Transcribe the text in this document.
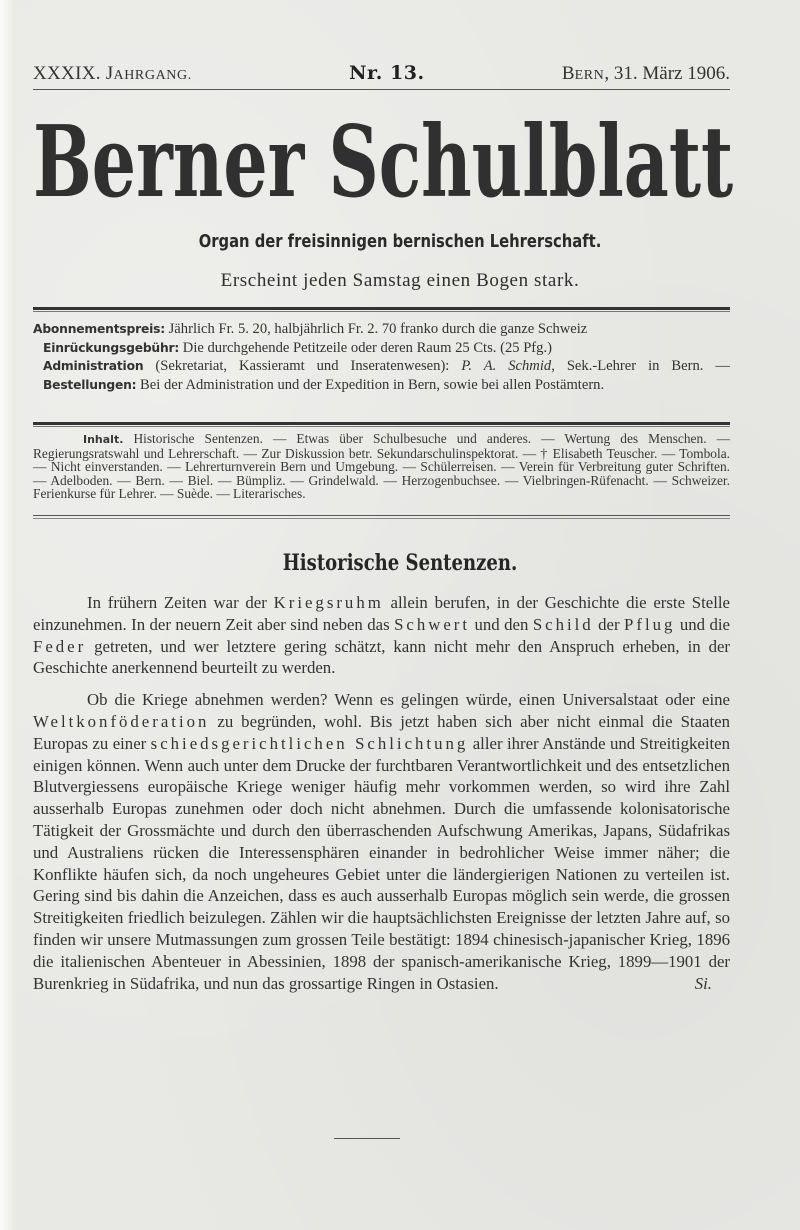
XXXIX. JAHRGANG.	Nr. 13.	BERN, 31. März 1906.
Berner Schulblatt
Organ der freisinnigen bernischen Lehrerschaft.
Erscheint jeden Samstag einen Bogen stark.
Abonnementspreis: Jährlich Fr. 5. 20, halbjährlich Fr. 2. 70 franko durch die ganze Schweiz
Einrückungsgebühr: Die durchgehende Petitzeile oder deren Raum 25 Cts. (25 Pfg.)
Administration (Sekretariat, Kassieramt und Inseratenwesen): P. A. Schmid, Sek.-Lehrer in Bern. — Bestellungen: Bei der Administration und der Expedition in Bern, sowie bei allen Postämtern.
Inhalt. Historische Sentenzen. — Etwas über Schulbesuche und anderes. — Wertung des Menschen. — Regierungsratswahl und Lehrerschaft. — Zur Diskussion betr. Sekundarschulinspektorat. — † Elisabeth Teuscher. — Tombola. — Nicht einverstanden. — Lehrerturnverein Bern und Umgebung. — Schülerreisen. — Verein für Verbreitung guter Schriften. — Adelboden. — Bern. — Biel. — Bümpliz. — Grindelwald. — Herzogenbuchsee. — Vielbringen-Rüfenacht. — Schweizer. Ferienkurse für Lehrer. — Suède. — Literarisches.
Historische Sentenzen.

In frühern Zeiten war der Kriegsruhm allein berufen, in der Geschichte die erste Stelle einzunehmen. In der neuern Zeit aber sind neben das Schwert und den Schild der Pflug und die Feder getreten, und wer letztere gering schätzt, kann nicht mehr den Anspruch erheben, in der Geschichte anerkennend beurteilt zu werden.

Ob die Kriege abnehmen werden? Wenn es gelingen würde, einen Universalstaat oder eine Weltkonföderation zu begründen, wohl. Bis jetzt haben sich aber nicht einmal die Staaten Europas zu einer schiedsgerichtlichen Schlichtung aller ihrer Anstände und Streitigkeiten einigen können. Wenn auch unter dem Drucke der furchtbaren Verantwortlichkeit und des entsetzlichen Blutvergiessens europäische Kriege weniger häufig mehr vorkommen werden, so wird ihre Zahl ausserhalb Europas zunehmen oder doch nicht abnehmen. Durch die umfassende kolonisatorische Tätigkeit der Grossmächte und durch den überraschenden Aufschwung Amerikas, Japans, Südafrikas und Australiens rücken die Interessensphären einander in bedrohlicher Weise immer näher; die Konflikte häufen sich, da noch ungeheures Gebiet unter die ländergierigen Nationen zu verteilen ist. Gering sind bis dahin die Anzeichen, dass es auch ausserhalb Europas möglich sein werde, die grossen Streitigkeiten friedlich beizulegen. Zählen wir die hauptsächlichsten Ereignisse der letzten Jahre auf, so finden wir unsere Mutmassungen zum grossen Teile bestätigt: 1894 chinesisch-japanischer Krieg, 1896 die italienischen Abenteuer in Abessinien, 1898 der spanisch-amerikanische Krieg, 1899—1901 der Burenkrieg in Südafrika, und nun das grossartige Ringen in Ostasien.	Si.
